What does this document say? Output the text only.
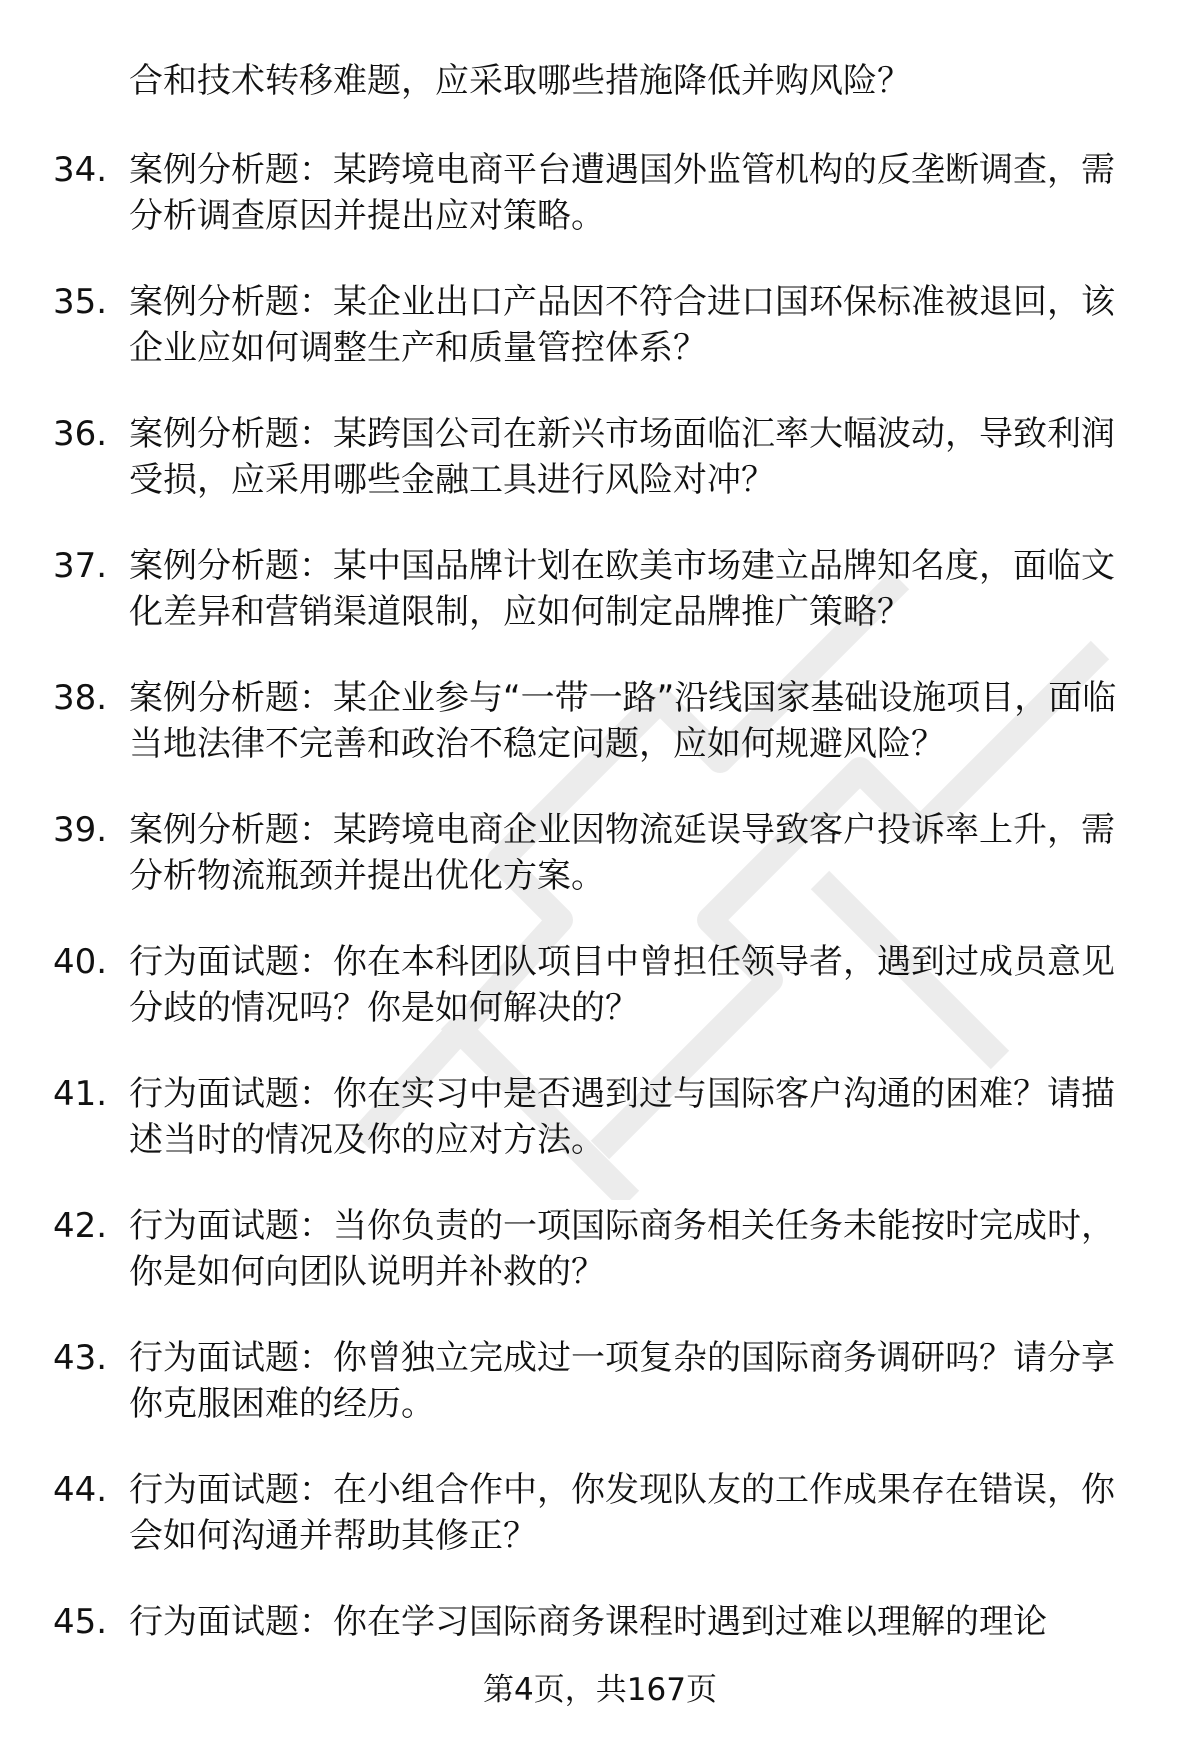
合和技术转移难题，应采取哪些措施降低并购风险？
34. 案例分析题：某跨境电商平台遭遇国外监管机构的反垄断调查，需分析调查原因并提出应对策略。
35. 案例分析题：某企业出口产品因不符合进口国环保标准被退回，该企业应如何调整生产和质量管控体系？
36. 案例分析题：某跨国公司在新兴市场面临汇率大幅波动，导致利润受损，应采用哪些金融工具进行风险对冲？
37. 案例分析题：某中国品牌计划在欧美市场建立品牌知名度，面临文化差异和营销渠道限制，应如何制定品牌推广策略？
38. 案例分析题：某企业参与“一带一路”沿线国家基础设施项目，面临当地法律不完善和政治不稳定问题，应如何规避风险？
39. 案例分析题：某跨境电商企业因物流延误导致客户投诉率上升，需分析物流瓶颈并提出优化方案。
40. 行为面试题：你在本科团队项目中曾担任领导者，遇到过成员意见分歧的情况吗？你是如何解决的？
41. 行为面试题：你在实习中是否遇到过与国际客户沟通的困难？请描述当时的情况及你的应对方法。
42. 行为面试题：当你负责的一项国际商务相关任务未能按时完成时，你是如何向团队说明并补救的？
43. 行为面试题：你曾独立完成过一项复杂的国际商务调研吗？请分享你克服困难的经历。
44. 行为面试题：在小组合作中，你发现队友的工作成果存在错误，你会如何沟通并帮助其修正？
45. 行为面试题：你在学习国际商务课程时遇到过难以理解的理论
第4页，共167页
